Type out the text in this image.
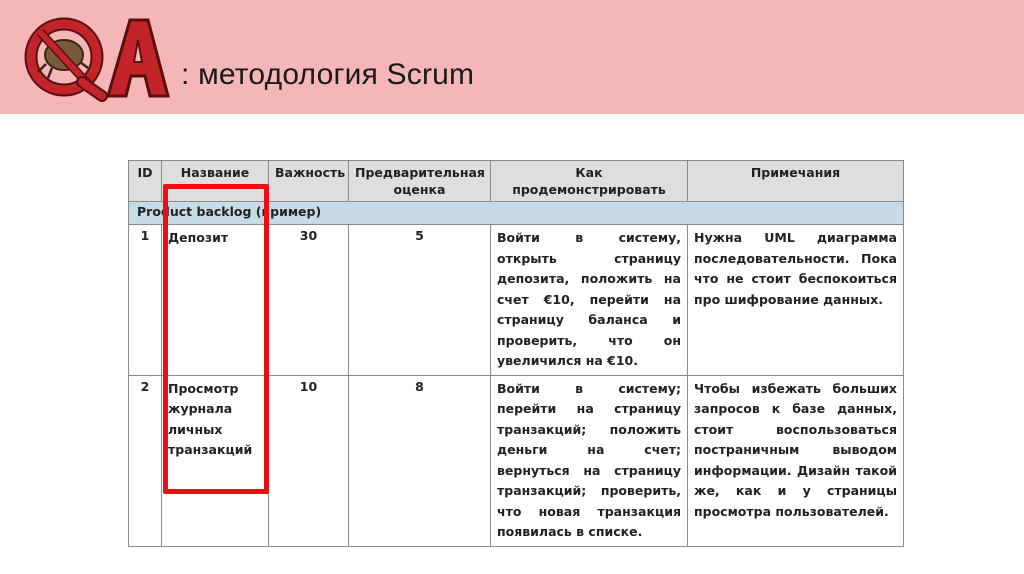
: методология Scrum
Product backlog (пример)					
ID	Название	Важность	Предварительная оценка	Как продемонстрировать	Примечания
1	Депозит	30	5	Войти в систему, открыть страницу депозита, положить на счет €10, перейти на страницу баланса и проверить, что он увеличился на €10.	Нужна UML диаграмма последовательности. Пока что не стоит беспокоиться про шифрование данных.
2	Просмотр журнала личных транзакций	10	8	Войти в систему; перейти на страницу транзакций; положить деньги на счет; вернуться на страницу транзакций; проверить, что новая транзакция появилась в списке.	Чтобы избежать больших запросов к базе данных, стоит воспользоваться постраничным выводом информации. Дизайн такой же, как и у страницы просмотра пользователей.
